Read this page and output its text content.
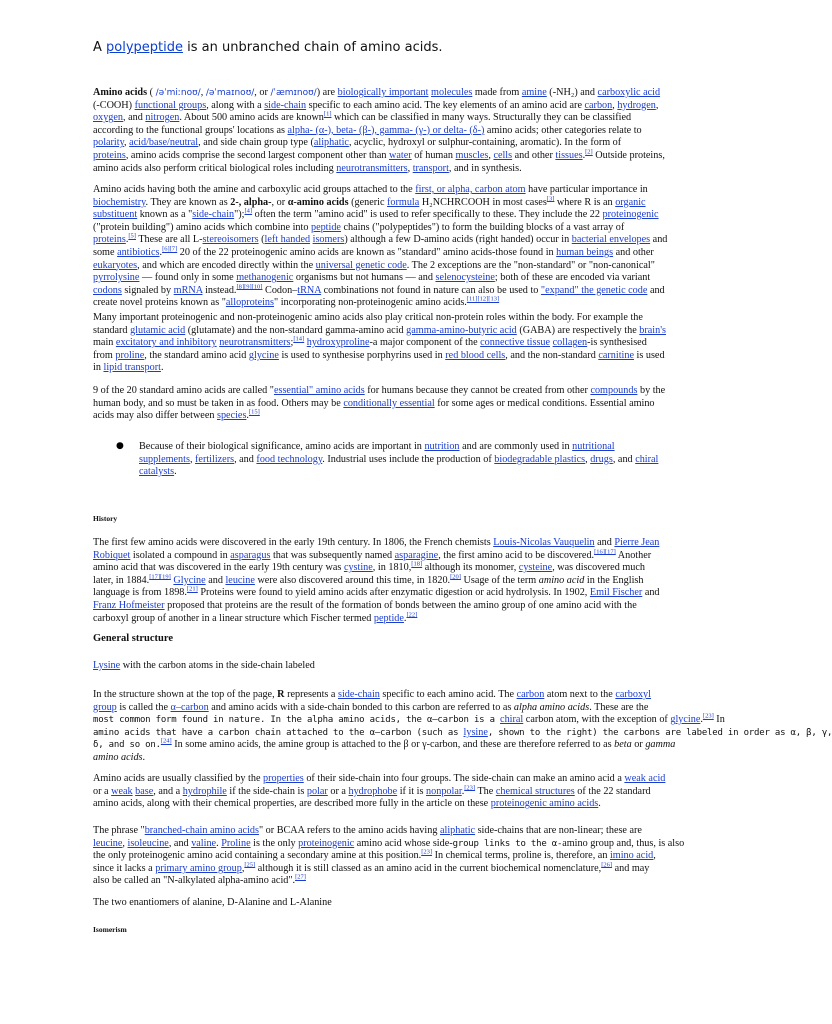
A polypeptide is an unbranched chain of amino acids.
Amino acids ( /əˈmiːnoʊ/, /əˈmaɪnoʊ/, or /ˈæmɪnoʊ/) are biologically important molecules made from amine (-NH₂) and carboxylic acid
(-COOH) functional groups, along with a side-chain specific to each amino acid. The key elements of an amino acid are carbon, hydrogen,
oxygen, and nitrogen. About 500 amino acids are known[1] which can be classified in many ways. Structurally they can be classified
according to the functional groups' locations as alpha- (α-), beta- (β-), gamma- (γ-) or delta- (δ-) amino acids; other categories relate to
polarity, acid/base/neutral, and side chain group type (aliphatic, acyclic, hydroxyl or sulphur-containing, aromatic). In the form of
proteins, amino acids comprise the second largest component other than water of human muscles, cells and other tissues.[2] Outside proteins,
amino acids also perform critical biological roles including neurotransmitters, transport, and in synthesis.
Amino acids having both the amine and carboxylic acid groups attached to the first, or alpha, carbon atom have particular importance in
biochemistry. They are known as 2-, alpha-, or α-amino acids (generic formula H₂NCHRCOOH in most cases[3] where R is an organic
substituent known as a "side-chain");[4] often the term "amino acid" is used to refer specifically to these. They include the 22 proteinogenic
("protein building") amino acids which combine into peptide chains ("polypeptides") to form the building blocks of a vast array of
proteins.[5] These are all L-stereoisomers (left handed isomers) although a few D-amino acids (right handed) occur in bacterial envelopes and
some antibiotics.[6][7] 20 of the 22 proteinogenic amino acids are known as "standard" amino acids-those found in human beings and other
eukaryotes, and which are encoded directly within the universal genetic code. The 2 exceptions are the "non-standard" or "non-canonical"
pyrrolysine — found only in some methanogenic organisms but not humans — and selenocysteine; both of these are encoded via variant
codons signaled by mRNA instead.[8][9][10] Codon–tRNA combinations not found in nature can also be used to "expand" the genetic code and
create novel proteins known as "alloproteins" incorporating non-proteinogenic amino acids.[11][12][13]
Many important proteinogenic and non-proteinogenic amino acids also play critical non-protein roles within the body. For example the
standard glutamic acid (glutamate) and the non-standard gamma-amino acid gamma-amino-butyric acid (GABA) are respectively the brain's
main excitatory and inhibitory neurotransmitters;[14] hydroxyproline-a major component of the connective tissue collagen-is synthesised
from proline, the standard amino acid glycine is used to synthesise porphyrins used in red blood cells, and the non-standard carnitine is used
in lipid transport.
9 of the 20 standard amino acids are called "essential" amino acids for humans because they cannot be created from other compounds by the
human body, and so must be taken in as food. Others may be conditionally essential for some ages or medical conditions. Essential amino
acids may also differ between species.[15]
● Because of their biological significance, amino acids are important in nutrition and are commonly used in nutritional
supplements, fertilizers, and food technology. Industrial uses include the production of biodegradable plastics, drugs, and chiral
catalysts.
History
The first few amino acids were discovered in the early 19th century. In 1806, the French chemists Louis-Nicolas Vauquelin and Pierre Jean
Robiquet isolated a compound in asparagus that was subsequently named asparagine, the first amino acid to be discovered.[16][17] Another
amino acid that was discovered in the early 19th century was cystine, in 1810,[18] although its monomer, cysteine, was discovered much
later, in 1884.[17][19] Glycine and leucine were also discovered around this time, in 1820.[20] Usage of the term amino acid in the English
language is from 1898.[21] Proteins were found to yield amino acids after enzymatic digestion or acid hydrolysis. In 1902, Emil Fischer and
Franz Hofmeister proposed that proteins are the result of the formation of bonds between the amino group of one amino acid with the
carboxyl group of another in a linear structure which Fischer termed peptide.[22]
General structure
Lysine with the carbon atoms in the side-chain labeled
In the structure shown at the top of the page, R represents a side-chain specific to each amino acid. The carbon atom next to the carboxyl
group is called the α–carbon and amino acids with a side-chain bonded to this carbon are referred to as alpha amino acids. These are the
most common form found in nature. In the alpha amino acids, the α–carbon is a chiral carbon atom, with the exception of glycine.[23] In
amino acids that have a carbon chain attached to the α–carbon (such as lysine, shown to the right) the carbons are labeled in order as α, β, γ,
δ, and so on.[24] In some amino acids, the amine group is attached to the β or γ-carbon, and these are therefore referred to as beta or gamma
amino acids.
Amino acids are usually classified by the properties of their side-chain into four groups. The side-chain can make an amino acid a weak acid
or a weak base, and a hydrophile if the side-chain is polar or a hydrophobe if it is nonpolar.[23] The chemical structures of the 22 standard
amino acids, along with their chemical properties, are described more fully in the article on these proteinogenic amino acids.
The phrase "branched-chain amino acids" or BCAA refers to the amino acids having aliphatic side-chains that are non-linear; these are
leucine, isoleucine, and valine. Proline is the only proteinogenic amino acid whose side-group links to the α-amino group and, thus, is also
the only proteinogenic amino acid containing a secondary amine at this position.[23] In chemical terms, proline is, therefore, an imino acid,
since it lacks a primary amino group,[25] although it is still classed as an amino acid in the current biochemical nomenclature,[26] and may
also be called an "N-alkylated alpha-amino acid".[27]
The two enantiomers of alanine, D-Alanine and L-Alanine
Isomerism
